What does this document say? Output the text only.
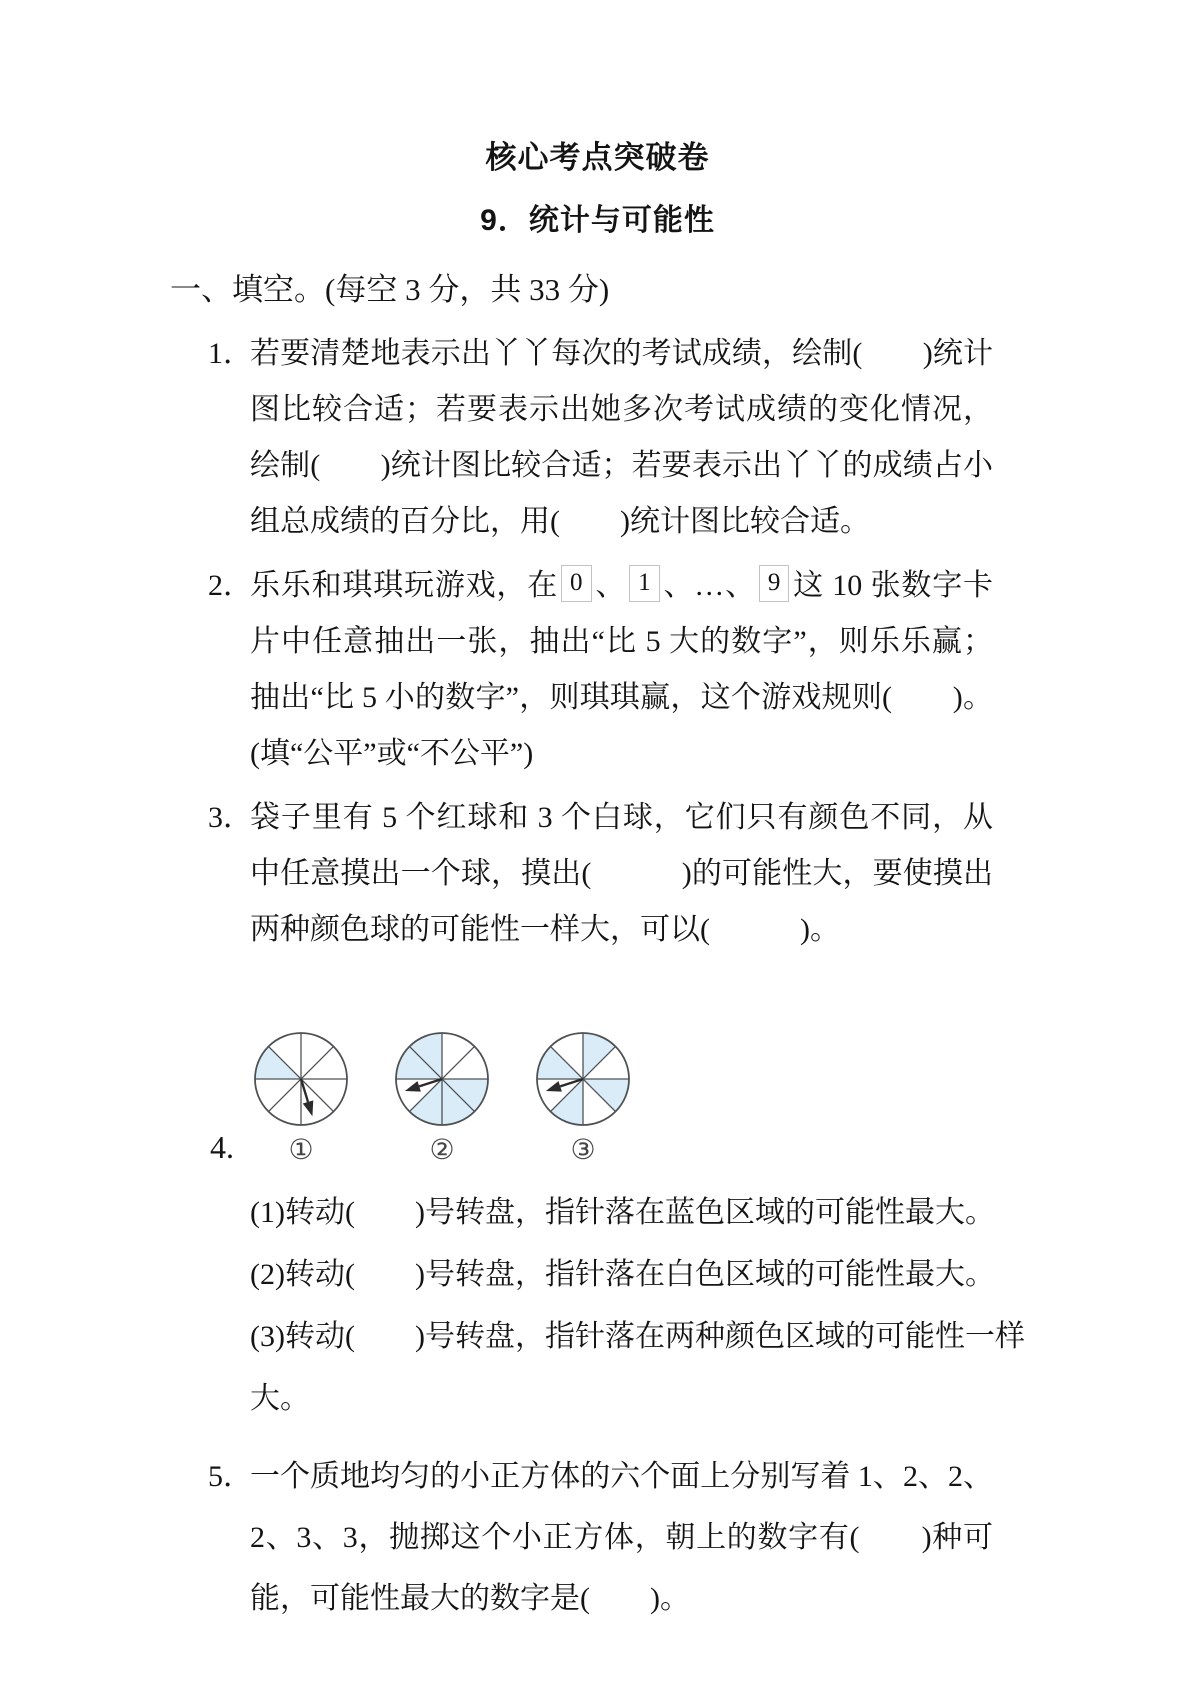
核心考点突破卷
9．统计与可能性
一、填空。(每空 3 分，共 33 分)
1．
若要清楚地表示出丫丫每次的考试成绩，绘制(　　)统计图比较合适；若要表示出她多次考试成绩的变化情况，绘制(　　)统计图比较合适；若要表示出丫丫的成绩占小组总成绩的百分比，用(　　)统计图比较合适。
2．
乐乐和琪琪玩游戏，在 0 、 1 、…、 9 这 10 张数字卡片中任意抽出一张，抽出“比 5 大的数字”，则乐乐赢；抽出“比 5 小的数字”，则琪琪赢，这个游戏规则(　　)。(填“公平”或“不公平”)
3．
袋子里有 5 个红球和 3 个白球，它们只有颜色不同，从中任意摸出一个球，摸出(　　　)的可能性大，要使摸出两种颜色球的可能性一样大，可以(　　　)。
4.	①	②	③
(1)转动(　　)号转盘，指针落在蓝色区域的可能性最大。
(2)转动(　　)号转盘，指针落在白色区域的可能性最大。
(3)转动(　　)号转盘，指针落在两种颜色区域的可能性一样大。
5．
一个质地均匀的小正方体的六个面上分别写着 1、2、2、2、3、3，抛掷这个小正方体，朝上的数字有(　　)种可能，可能性最大的数字是(　　)。
